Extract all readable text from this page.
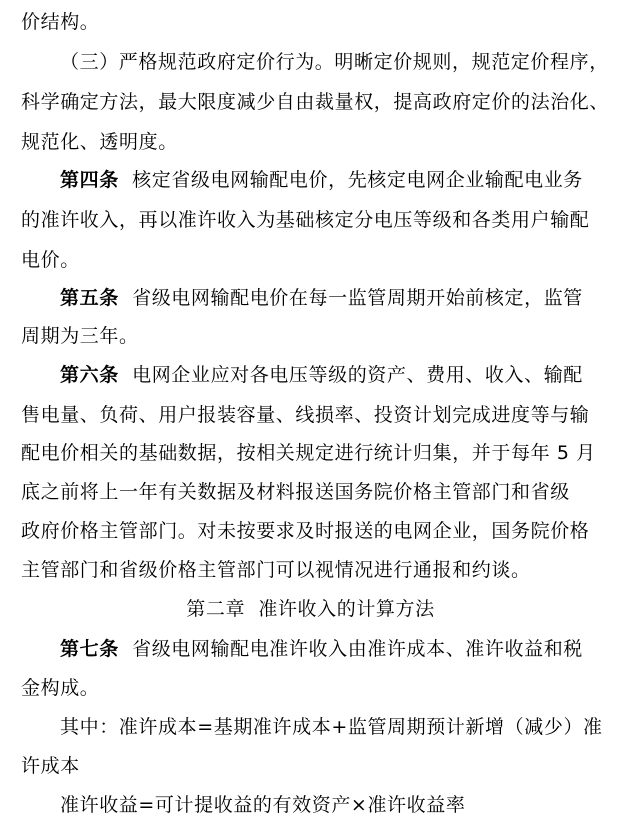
价结构。
（三）严格规范政府定价行为。明晰定价规则，规范定价程序，
科学确定方法，最大限度减少自由裁量权，提高政府定价的法治化、
规范化、透明度。
第四条  核定省级电网输配电价，先核定电网企业输配电业务
的准许收入，再以准许收入为基础核定分电压等级和各类用户输配
电价。
第五条  省级电网输配电价在每一监管周期开始前核定，监管
周期为三年。
第六条  电网企业应对各电压等级的资产、费用、收入、输配
售电量、负荷、用户报装容量、线损率、投资计划完成进度等与输
配电价相关的基础数据，按相关规定进行统计归集，并于每年 5 月
底之前将上一年有关数据及材料报送国务院价格主管部门和省级
政府价格主管部门。对未按要求及时报送的电网企业，国务院价格
主管部门和省级价格主管部门可以视情况进行通报和约谈。
第二章  准许收入的计算方法
第七条  省级电网输配电准许收入由准许成本、准许收益和税
金构成。
其中：准许成本=基期准许成本+监管周期预计新增（减少）准
许成本
准许收益=可计提收益的有效资产×准许收益率
